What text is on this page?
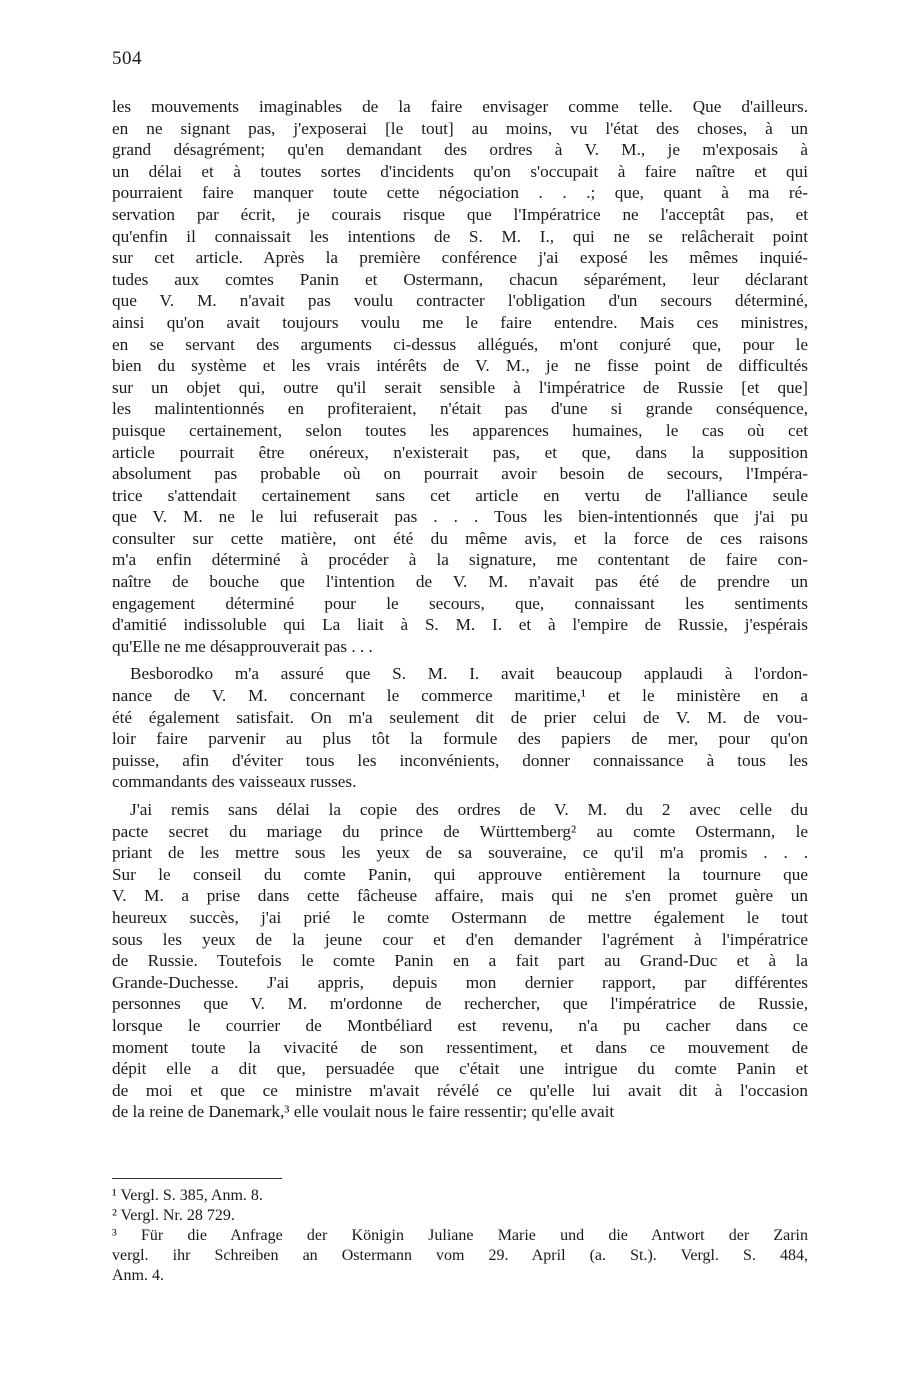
504
les mouvements imaginables de la faire envisager comme telle. Que d'ailleurs.
en ne signant pas, j'exposerai [le tout] au moins, vu l'état des choses, à un
grand désagrément; qu'en demandant des ordres à V. M., je m'exposais à
un délai et à toutes sortes d'incidents qu'on s'occupait à faire naître et qui
pourraient faire manquer toute cette négociation . . .; que, quant à ma ré-
servation par écrit, je courais risque que l'Impératrice ne l'acceptât pas, et
qu'enfin il connaissait les intentions de S. M. I., qui ne se relâcherait point
sur cet article. Après la première conférence j'ai exposé les mêmes inquié-
tudes aux comtes Panin et Ostermann, chacun séparément, leur déclarant
que V. M. n'avait pas voulu contracter l'obligation d'un secours déterminé,
ainsi qu'on avait toujours voulu me le faire entendre. Mais ces ministres,
en se servant des arguments ci-dessus allégués, m'ont conjuré que, pour le
bien du système et les vrais intérêts de V. M., je ne fisse point de difficultés
sur un objet qui, outre qu'il serait sensible à l'impératrice de Russie [et que]
les malintentionnés en profiteraient, n'était pas d'une si grande conséquence,
puisque certainement, selon toutes les apparences humaines, le cas où cet
article pourrait être onéreux, n'existerait pas, et que, dans la supposition
absolument pas probable où on pourrait avoir besoin de secours, l'Impéra-
trice s'attendait certainement sans cet article en vertu de l'alliance seule
que V. M. ne le lui refuserait pas . . . Tous les bien-intentionnés que j'ai pu
consulter sur cette matière, ont été du même avis, et la force de ces raisons
m'a enfin déterminé à procéder à la signature, me contentant de faire con-
naître de bouche que l'intention de V. M. n'avait pas été de prendre un
engagement déterminé pour le secours, que, connaissant les sentiments
d'amitié indissoluble qui La liait à S. M. I. et à l'empire de Russie, j'espérais
qu'Elle ne me désapprouverait pas . . .
Besborodko m'a assuré que S. M. I. avait beaucoup applaudi à l'ordon-
nance de V. M. concernant le commerce maritime,¹ et le ministère en a
été également satisfait. On m'a seulement dit de prier celui de V. M. de vou-
loir faire parvenir au plus tôt la formule des papiers de mer, pour qu'on
puisse, afin d'éviter tous les inconvénients, donner connaissance à tous les
commandants des vaisseaux russes.
J'ai remis sans délai la copie des ordres de V. M. du 2 avec celle du
pacte secret du mariage du prince de Württemberg² au comte Ostermann, le
priant de les mettre sous les yeux de sa souveraine, ce qu'il m'a promis . . .
Sur le conseil du comte Panin, qui approuve entièrement la tournure que
V. M. a prise dans cette fâcheuse affaire, mais qui ne s'en promet guère un
heureux succès, j'ai prié le comte Ostermann de mettre également le tout
sous les yeux de la jeune cour et d'en demander l'agrément à l'impératrice
de Russie. Toutefois le comte Panin en a fait part au Grand-Duc et à la
Grande-Duchesse. J'ai appris, depuis mon dernier rapport, par différentes
personnes que V. M. m'ordonne de rechercher, que l'impératrice de Russie,
lorsque le courrier de Montbéliard est revenu, n'a pu cacher dans ce
moment toute la vivacité de son ressentiment, et dans ce mouvement de
dépit elle a dit que, persuadée que c'était une intrigue du comte Panin et
de moi et que ce ministre m'avait révélé ce qu'elle lui avait dit à l'occasion
de la reine de Danemark,³ elle voulait nous le faire ressentir; qu'elle avait
¹ Vergl. S. 385, Anm. 8.
² Vergl. Nr. 28 729.
³ Für die Anfrage der Königin Juliane Marie und die Antwort der Zarin
vergl. ihr Schreiben an Ostermann vom 29. April (a. St.). Vergl. S. 484,
Anm. 4.
